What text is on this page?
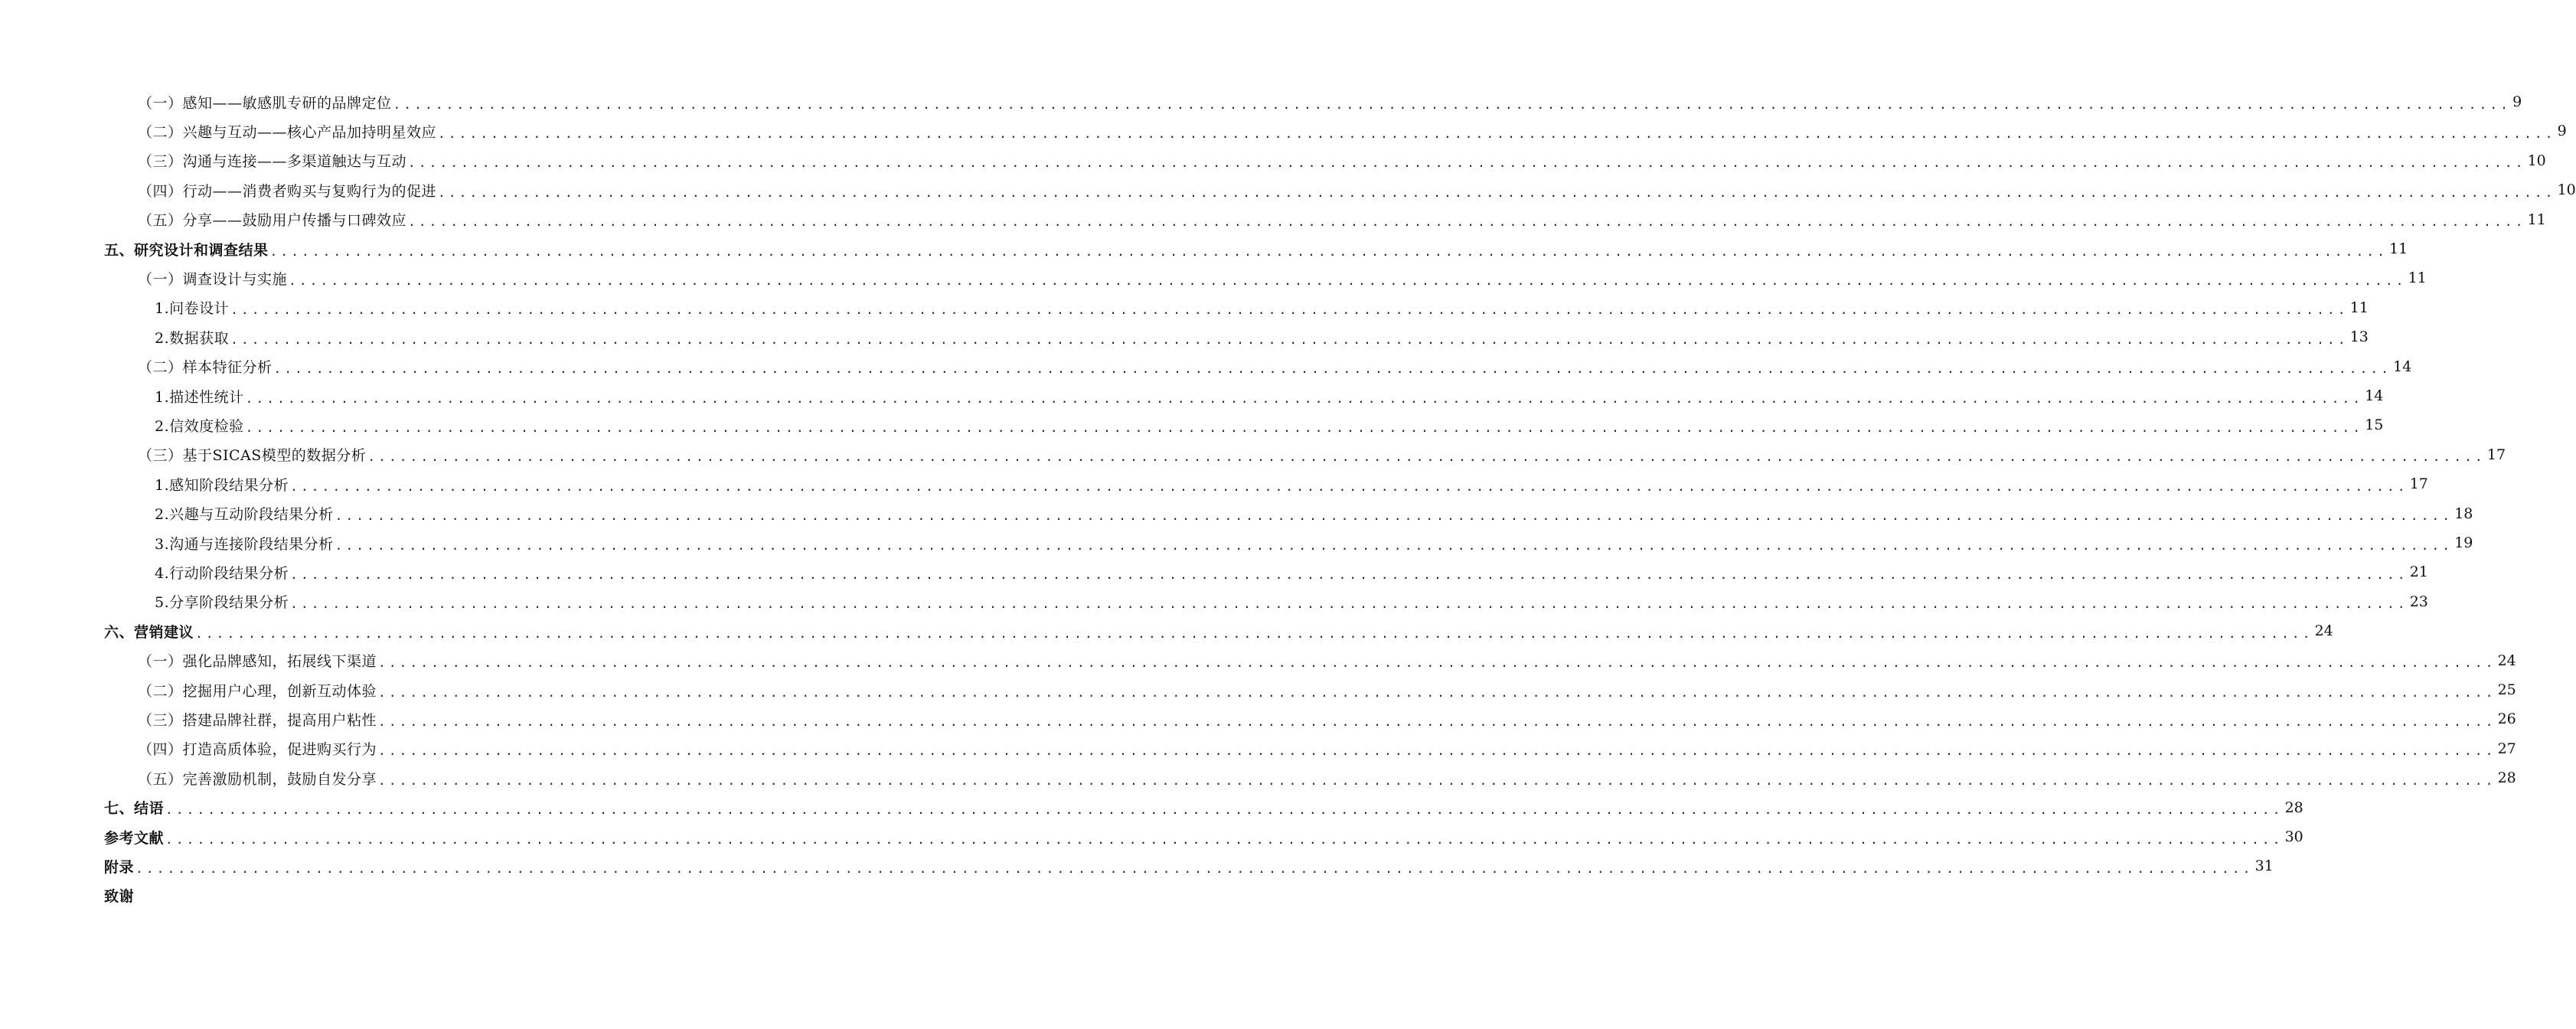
（一）感知——敏感肌专研的品牌定位 ........................................................................................................................................................................................................ 9
（二）兴趣与互动——核心产品加持明星效应 ........................................................................................................................................................................................................ 9
（三）沟通与连接——多渠道触达与互动 ........................................................................................................................................................................................................ 10
（四）行动——消费者购买与复购行为的促进 ........................................................................................................................................................................................................ 10
（五）分享——鼓励用户传播与口碑效应 ........................................................................................................................................................................................................ 11
五、研究设计和调查结果 ........................................................................................................................................................................................................ 11
（一）调查设计与实施 ........................................................................................................................................................................................................ 11
1.问卷设计 ........................................................................................................................................................................................................ 11
2.数据获取 ........................................................................................................................................................................................................ 13
（二）样本特征分析 ........................................................................................................................................................................................................ 14
1.描述性统计 ........................................................................................................................................................................................................ 14
2.信效度检验 ........................................................................................................................................................................................................ 15
（三）基于SICAS模型的数据分析 ........................................................................................................................................................................................................ 17
1.感知阶段结果分析 ........................................................................................................................................................................................................ 17
2.兴趣与互动阶段结果分析 ........................................................................................................................................................................................................ 18
3.沟通与连接阶段结果分析 ........................................................................................................................................................................................................ 19
4.行动阶段结果分析 ........................................................................................................................................................................................................ 21
5.分享阶段结果分析 ........................................................................................................................................................................................................ 23
六、营销建议 ........................................................................................................................................................................................................ 24
（一）强化品牌感知，拓展线下渠道 ........................................................................................................................................................................................................ 24
（二）挖掘用户心理，创新互动体验 ........................................................................................................................................................................................................ 25
（三）搭建品牌社群，提高用户粘性 ........................................................................................................................................................................................................ 26
（四）打造高质体验，促进购买行为 ........................................................................................................................................................................................................ 27
（五）完善激励机制，鼓励自发分享 ........................................................................................................................................................................................................ 28
七、结语 ........................................................................................................................................................................................................ 28
参考文献 ........................................................................................................................................................................................................ 30
附录 ........................................................................................................................................................................................................ 31
致谢
